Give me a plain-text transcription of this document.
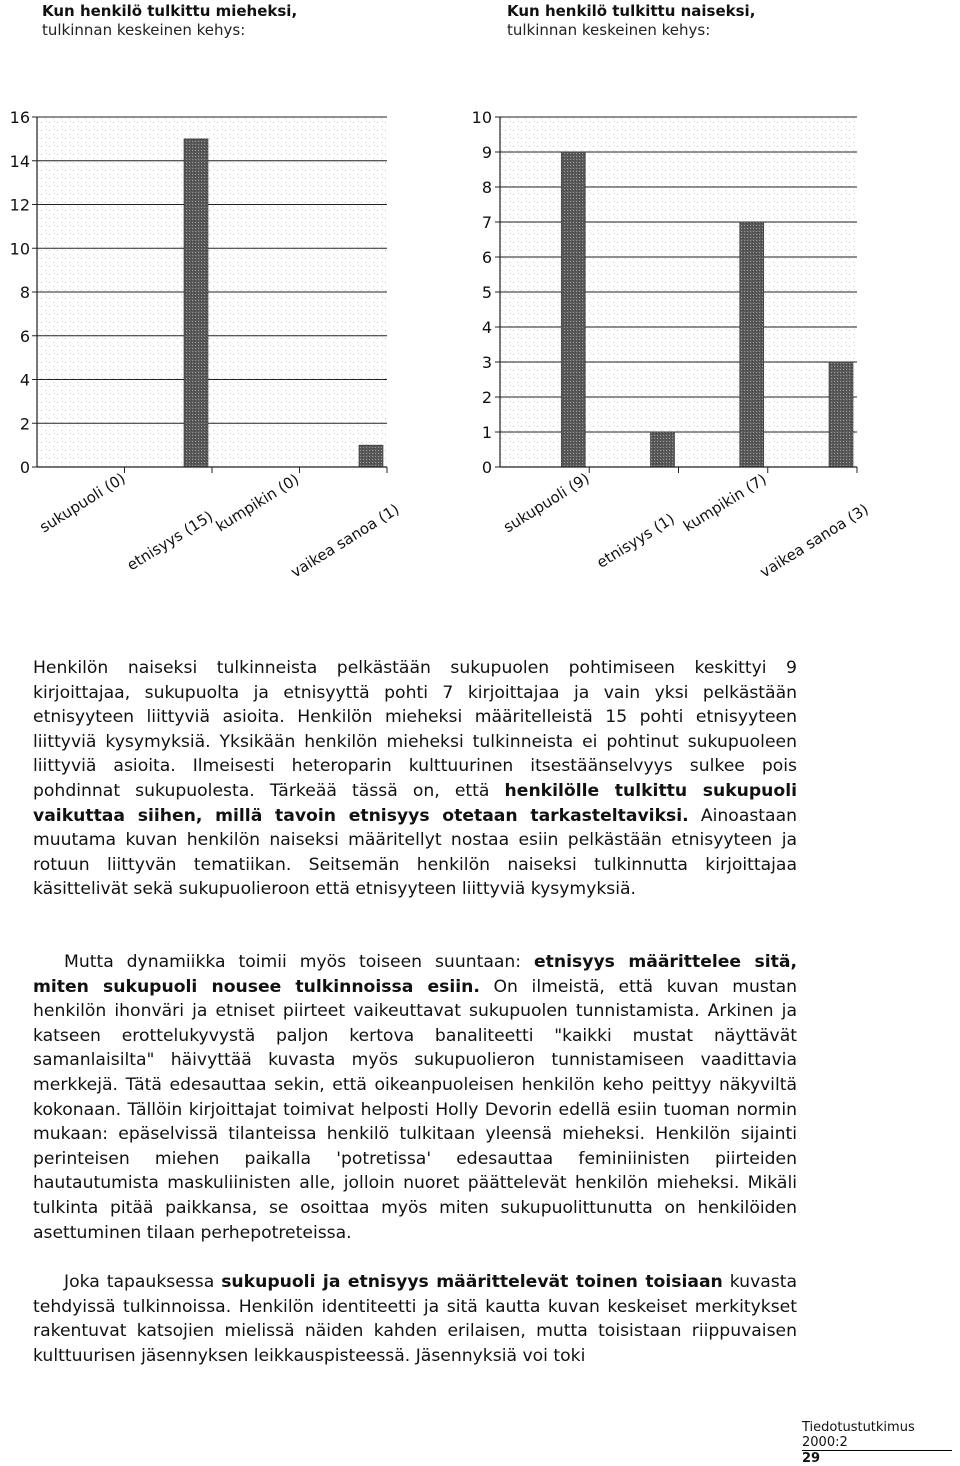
Kun henkilö tulkittu mieheksi,
tulkinnan keskeinen kehys:
Kun henkilö tulkittu naiseksi,
tulkinnan keskeinen kehys:
0
2
4
6
8
10
12
14
16
sukupuoli (0)
etnisyys (15)
kumpikin (0)
vaikea sanoa (1)
0
1
2
3
4
5
6
7
8
9
10
sukupuoli (9)
etnisyys (1)
kumpikin (7)
vaikea sanoa (3)

Henkilön naiseksi tulkinneista pelkästään sukupuolen pohtimiseen keskittyi 9 kirjoittajaa, sukupuolta ja etnisyyttä pohti 7 kirjoittajaa ja vain yksi pelkästään etnisyyteen liittyviä asioita. Henkilön mieheksi määritelleistä 15 pohti etnisyyteen liittyviä kysymyksiä. Yksikään henkilön mieheksi tulkinneista ei pohtinut sukupuoleen liittyviä asioita. Ilmeisesti heteroparin kulttuurinen itsestäänselvyys sulkee pois pohdinnat sukupuolesta. Tärkeää tässä on, että henkilölle tulkittu sukupuoli vaikuttaa siihen, millä tavoin etnisyys otetaan tarkasteltaviksi. Ainoastaan muutama kuvan henkilön naiseksi määritellyt nostaa esiin pelkästään etnisyyteen ja rotuun liittyvän tematiikan. Seitsemän henkilön naiseksi tulkinnutta kirjoittajaa käsittelivät sekä sukupuolieroon että etnisyyteen liittyviä kysymyksiä.

Mutta dynamiikka toimii myös toiseen suuntaan: etnisyys määrittelee sitä, miten sukupuoli nousee tulkinnoissa esiin. On ilmeistä, että kuvan mustan henkilön ihonväri ja etniset piirteet vaikeuttavat sukupuolen tunnistamista. Arkinen ja katseen erottelukyvystä paljon kertova banaliteetti "kaikki mustat näyttävät samanlaisilta" häivyttää kuvasta myös sukupuolieron tunnistamiseen vaadittavia merkkejä. Tätä edesauttaa sekin, että oikeanpuoleisen henkilön keho peittyy näkyviltä kokonaan. Tällöin kirjoittajat toimivat helposti Holly Devorin edellä esiin tuoman normin mukaan: epäselvissä tilanteissa henkilö tulkitaan yleensä mieheksi. Henkilön sijainti perinteisen miehen paikalla 'potretissa' edesauttaa feminiinisten piirteiden hautautumista maskuliinisten alle, jolloin nuoret päättelevät henkilön mieheksi. Mikäli tulkinta pitää paikkansa, se osoittaa myös miten sukupuolittunutta on henkilöiden asettuminen tilaan perhepotreteissa.

Joka tapauksessa sukupuoli ja etnisyys määrittelevät toinen toisiaan kuvasta tehdyissä tulkinnoissa. Henkilön identiteetti ja sitä kautta kuvan keskeiset merkitykset rakentuvat katsojien mielissä näiden kahden erilaisen, mutta toisistaan riippuvaisen kulttuurisen jäsennyksen leikkauspisteessä. Jäsennyksiä voi toki

Tiedotustutkimus 2000:2
29
